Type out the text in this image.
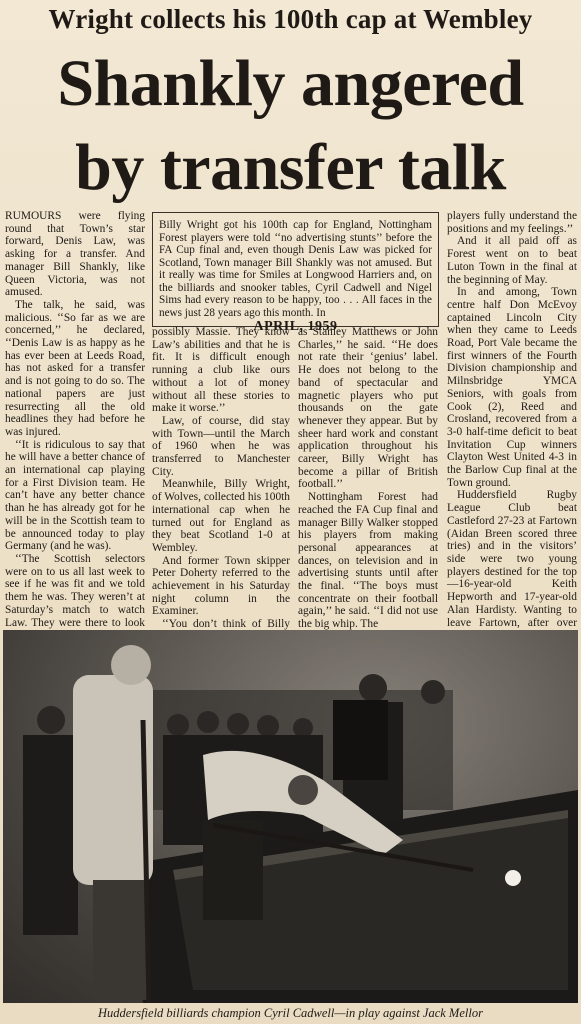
Wright collects his 100th cap at Wembley
Shankly angered
by transfer talk

RUMOURS were flying round that Town’s star forward, Denis Law, was asking for a transfer. And manager Bill Shankly, like Queen Victoria, was not amused.

The talk, he said, was malicious. ‘‘So far as we are concerned,’’ he declared, ‘‘Denis Law is as happy as he has ever been at Leeds Road, has not asked for a transfer and is not going to do so. The national papers are just resurrecting all the old headlines they had before he was injured.

‘‘It is ridiculous to say that he will have a better chance of an international cap playing for a First Division team. He can’t have any better chance than he has already got for he will be in the Scottish team to be announced today to play Germany (and he was).

‘‘The Scottish selectors were on to us all last week to see if he was fit and we told them he was. They weren’t at Saturday’s match to watch Law. They were there to look

Billy Wright got his 100th cap for England, Nottingham Forest players were told ‘‘no advertising stunts’’ before the FA Cup final and, even though Denis Law was picked for Scotland, Town manager Bill Shankly was not amused. But it really was time for Smiles at Longwood Harriers and, on the billiards and snooker tables, Cyril Cadwell and Nigel Sims had every reason to be happy, too . . . All faces in the news just 28 years ago this month. In
APRIL, 1959

possibly Massie. They know Law’s abilities and that he is fit. It is difficult enough running a club like ours without a lot of money without all these stories to make it worse.’’

Law, of course, did stay with Town—until the March of 1960 when he was transferred to Manchester City.

Meanwhile, Billy Wright, of Wolves, collected his 100th international cap when he turned out for England as they beat Scotland 1-0 at Wembley.

And former Town skipper Peter Doherty referred to the achievement in his Saturday night column in the Examiner.

‘‘You don’t think of Billy

as Stanley Matthews or John Charles,’’ he said. ‘‘He does not rate their ‘genius’ label. He does not belong to the band of spectacular and magnetic players who put thousands on the gate whenever they appear. But by sheer hard work and constant application throughout his career, Billy Wright has become a pillar of British football.’’

Nottingham Forest had reached the FA Cup final and manager Billy Walker stopped his players from making personal appearances at dances, on television and in advertising stunts until after the final. ‘‘The boys must concentrate on their football again,’’ he said. ‘‘I did not use the big whip. The

players fully understand the positions and my feelings.’’

And it all paid off as Forest went on to beat Luton Town in the final at the beginning of May.

In and among, Town centre half Don McEvoy captained Lincoln City when they came to Leeds Road, Port Vale became the first winners of the Fourth Division championship and Milnsbridge YMCA Seniors, with goals from Cook (2), Reed and Crosland, recovered from a 3-0 half-time deficit to beat Invitation Cup winners Clayton West United 4-3 in the Barlow Cup final at the Town ground.

Huddersfield Rugby League Club beat Castleford 27-23 at Fartown (Aidan Breen scored three tries) and in the visitors’ side were two young players destined for the top—16-year-old Keith Hepworth and 17-year-old Alan Hardisty. Wanting to leave Fartown, after over

Huddersfield billiards champion Cyril Cadwell—in play against Jack Mellor
